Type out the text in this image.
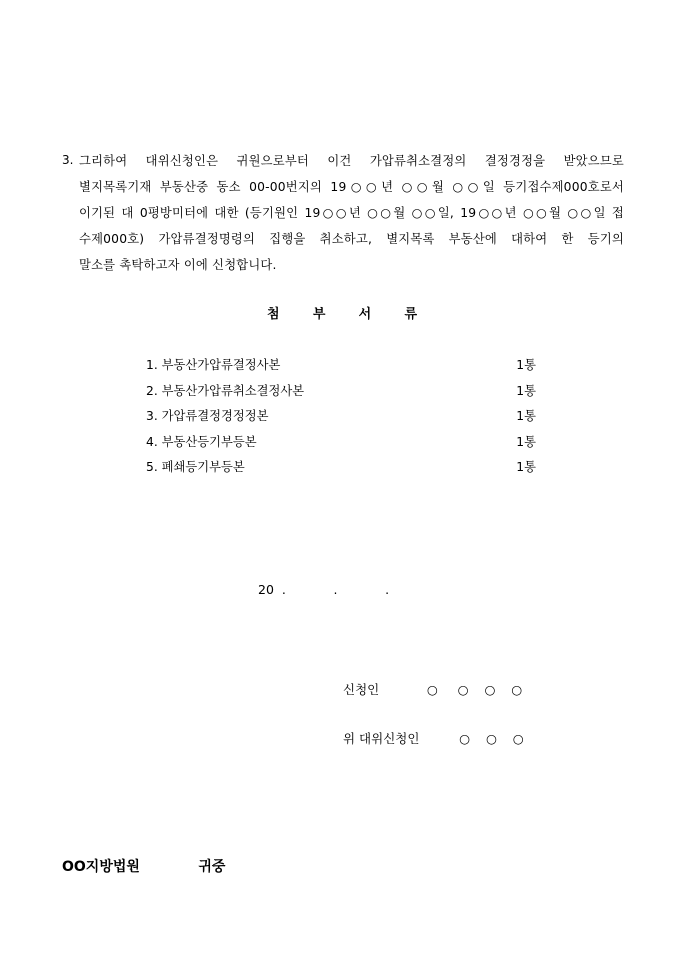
3. 그리하여 대위신청인은 귀원으로부터 이건 가압류취소결정의 결정경정을 받았으므로
별지목록기재 부동산중 동소 00-00번지의 19○○년 ○○월 ○○일 등기접수제000호로서
이기된 대 0평방미터에 대한 (등기원인 19○○년 ○○월 ○○일, 19○○년 ○○월 ○○일 접
수제000호) 가압류결정명령의 집행을 취소하고, 별지목록 부동산에 대하여 한 등기의
말소를 촉탁하고자 이에 신청합니다.
첨	부	서	류
1. 부동산가압류결정사본	1통
2. 부동산가압류취소결정사본	1통
3. 가압류결정경정정본	1통
4. 부동산등기부등본	1통
5. 폐쇄등기부등본	1통
20  .            .            .
신청인            ○     ○    ○    ○
위 대위신청인          ○    ○    ○
OO지방법원            귀중
